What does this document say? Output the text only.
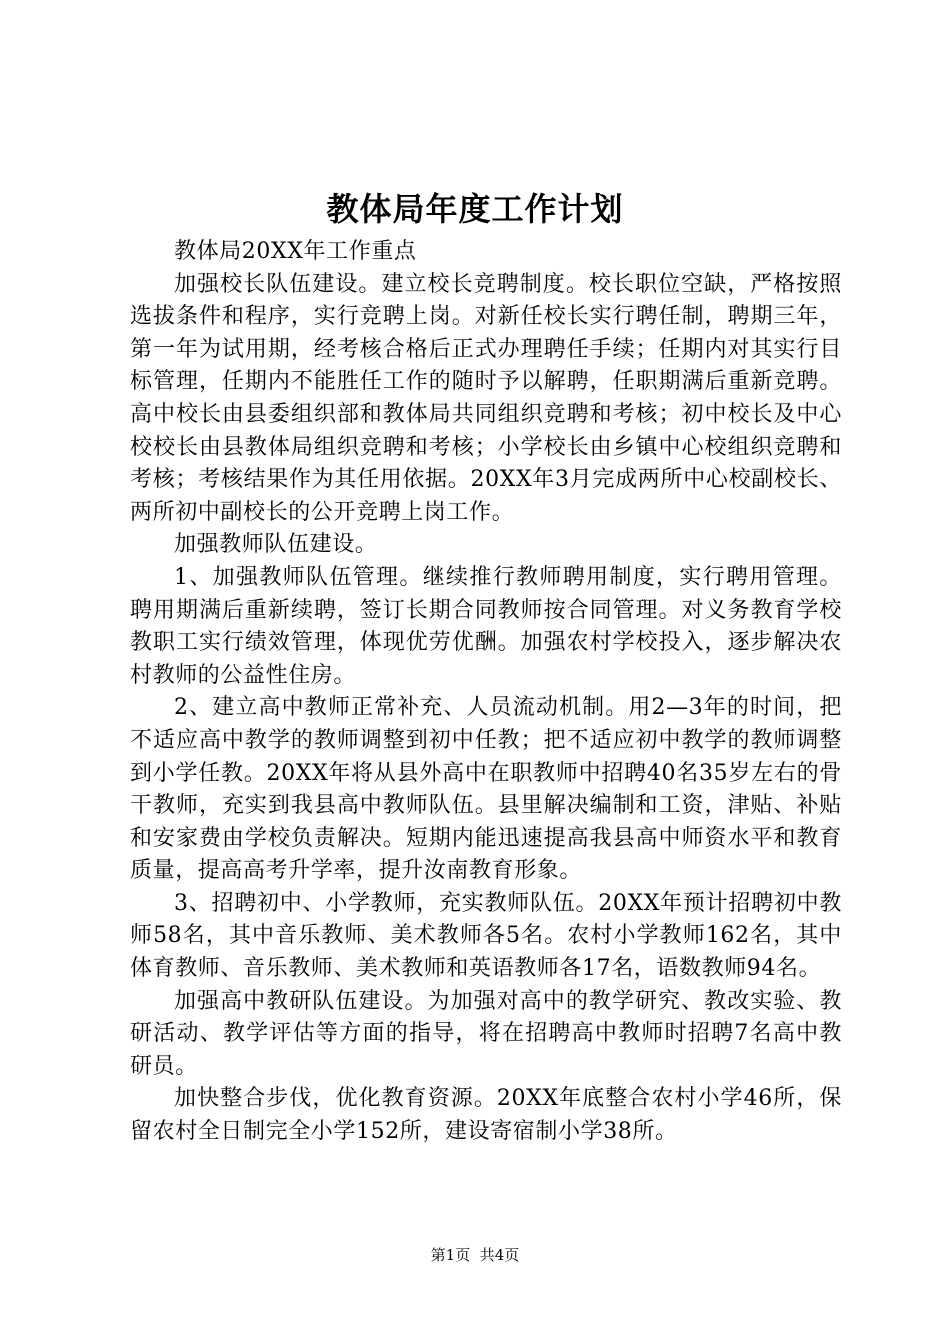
教体局年度工作计划

教体局20XX年工作重点

加强校长队伍建设。建立校长竞聘制度。校长职位空缺，严格按照选拔条件和程序，实行竞聘上岗。对新任校长实行聘任制，聘期三年，第一年为试用期，经考核合格后正式办理聘任手续；任期内对其实行目标管理，任期内不能胜任工作的随时予以解聘，任职期满后重新竞聘。高中校长由县委组织部和教体局共同组织竞聘和考核；初中校长及中心校校长由县教体局组织竞聘和考核；小学校长由乡镇中心校组织竞聘和考核；考核结果作为其任用依据。20XX年3月完成两所中心校副校长、两所初中副校长的公开竞聘上岗工作。

加强教师队伍建设。

1、加强教师队伍管理。继续推行教师聘用制度，实行聘用管理。聘用期满后重新续聘，签订长期合同教师按合同管理。对义务教育学校教职工实行绩效管理，体现优劳优酬。加强农村学校投入，逐步解决农村教师的公益性住房。

2、建立高中教师正常补充、人员流动机制。用2—3年的时间，把不适应高中教学的教师调整到初中任教；把不适应初中教学的教师调整到小学任教。20XX年将从县外高中在职教师中招聘40名35岁左右的骨干教师，充实到我县高中教师队伍。县里解决编制和工资，津贴、补贴和安家费由学校负责解决。短期内能迅速提高我县高中师资水平和教育质量，提高高考升学率，提升汝南教育形象。

3、招聘初中、小学教师，充实教师队伍。20XX年预计招聘初中教师58名，其中音乐教师、美术教师各5名。农村小学教师162名，其中体育教师、音乐教师、美术教师和英语教师各17名，语数教师94名。

加强高中教研队伍建设。为加强对高中的教学研究、教改实验、教研活动、教学评估等方面的指导，将在招聘高中教师时招聘7名高中教研员。

加快整合步伐，优化教育资源。20XX年底整合农村小学46所，保留农村全日制完全小学152所，建设寄宿制小学38所。

第1页 共4页
